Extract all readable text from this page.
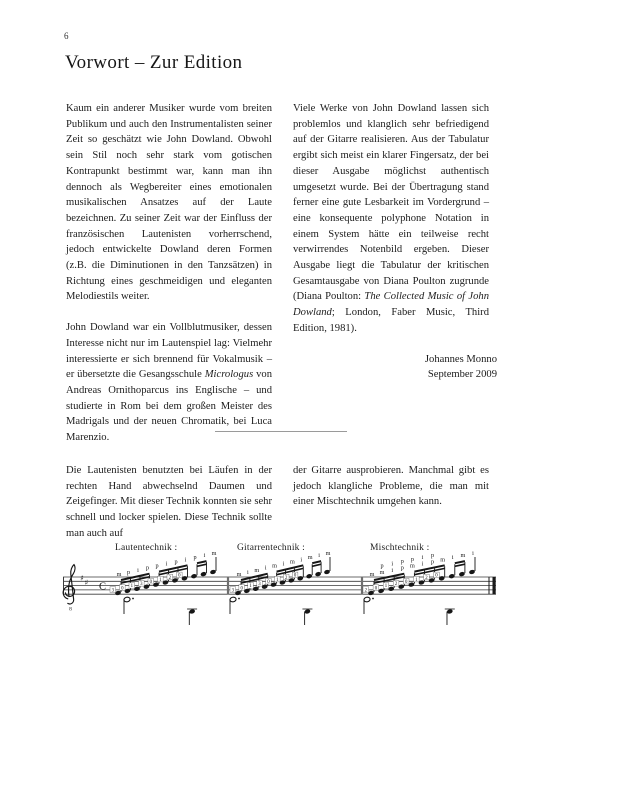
6
Vorwort – Zur Edition

Kaum ein anderer Musiker wurde vom breiten Publikum und auch den Instrumentalisten seiner Zeit so geschätzt wie John Dowland. Obwohl sein Stil noch sehr stark vom gotischen Kontrapunkt bestimmt war, kann man ihn dennoch als Wegbereiter eines emotionalen musikalischen Ansatzes auf der Laute bezeichnen. Zu seiner Zeit war der Einfluss der französischen Lautenisten vorherrschend, jedoch entwickelte Dowland deren Formen (z.B. die Diminutionen in den Tanzsätzen) in Richtung eines geschmeidigen und eleganten Melodiestils weiter.

John Dowland war ein Vollblutmusiker, dessen Interesse nicht nur im Lautenspiel lag: Vielmehr interessierte er sich brennend für Vokalmusik – er übersetzte die Gesangsschule Micrologus von Andreas Ornithoparcus ins Englische – und studierte in Rom bei dem großen Meister des Madrigals und der neuen Chromatik, bei Luca Marenzio.

Viele Werke von John Dowland lassen sich problemlos und klanglich sehr befriedigend auf der Gitarre realisieren. Aus der Tabulatur ergibt sich meist ein klarer Fingersatz, der bei dieser Ausgabe möglichst authentisch umgesetzt wurde. Bei der Übertragung stand ferner eine gute Lesbarkeit im Vordergrund – eine konsequente polyphone Notation in einem System hätte ein teilweise recht verwirrendes Notenbild ergeben. Dieser Ausgabe liegt die Tabulatur der kritischen Gesamtausgabe von Diana Poulton zugrunde (Diana Poulton: The Collected Music of John Dowland; London, Faber Music, Third Edition, 1981).

Johannes Monno
September 2009

Die Lautenisten benutzten bei Läufen in der rechten Hand abwechselnd Daumen und Zeigefinger. Mit dieser Technik konnten sie sehr schnell und locker spielen. Diese Technik sollte man auch auf

der Gitarre ausprobieren. Manchmal gibt es jedoch klangliche Probleme, die man mit einer Mischtechnik umgehen kann.

Lautentechnik :	Gitarrentechnik :	Mischtechnik :
8
♯ ♯ C 3 0 1 3 0 1 2 0
m p i p p i p i p i m
3 0 1 3 0 1 2 0
m i m i m i m i m i m
2 0 1 2 0 1 2 0
m m i p m i p m i m i
p i p p i p
